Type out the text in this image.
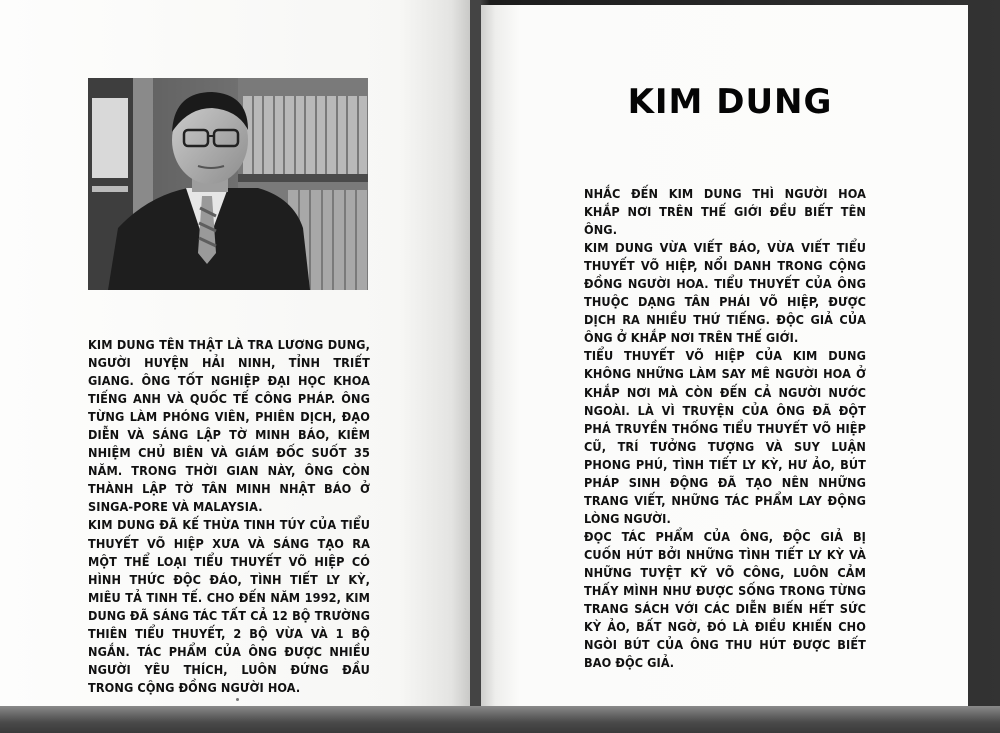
KIM DUNG TÊN THẬT LÀ TRA LƯƠNG DUNG, NGƯỜI HUYỆN HẢI NINH, TỈNH TRIẾT GIANG. ÔNG TỐT NGHIỆP ĐẠI HỌC KHOA TIẾNG ANH VÀ QUỐC TẾ CÔNG PHÁP. ÔNG TỪNG LÀM PHÓNG VIÊN, PHIÊN DỊCH, ĐẠO DIỄN VÀ SÁNG LẬP TỜ MINH BÁO, KIÊM NHIỆM CHỦ BIÊN VÀ GIÁM ĐỐC SUỐT 35 NĂM. TRONG THỜI GIAN NÀY, ÔNG CÒN THÀNH LẬP TỜ TÂN MINH NHẬT BÁO Ở SINGA-PORE VÀ MALAYSIA.

KIM DUNG ĐÃ KẾ THỪA TINH TÚY CỦA TIỂU THUYẾT VÕ HIỆP XƯA VÀ SÁNG TẠO RA MỘT THỂ LOẠI TIỂU THUYẾT VÕ HIỆP CÓ HÌNH THỨC ĐỘC ĐÁO, TÌNH TIẾT LY KỲ, MIÊU TẢ TINH TẾ. CHO ĐẾN NĂM 1992, KIM DUNG ĐÃ SÁNG TÁC TẤT CẢ 12 BỘ TRƯỜNG THIÊN TIỂU THUYẾT, 2 BỘ VỪA VÀ 1 BỘ NGẮN. TÁC PHẨM CỦA ÔNG ĐƯỢC NHIỀU NGƯỜI YÊU THÍCH, LUÔN ĐỨNG ĐẦU TRONG CỘNG ĐỒNG NGƯỜI HOA.

KIM DUNG

NHẮC ĐẾN KIM DUNG THÌ NGƯỜI HOA KHẮP NƠI TRÊN THẾ GIỚI ĐỀU BIẾT TÊN ÔNG.

KIM DUNG VỪA VIẾT BÁO, VỪA VIẾT TIỂU THUYẾT VÕ HIỆP, NỔI DANH TRONG CỘNG ĐỒNG NGƯỜI HOA. TIỂU THUYẾT CỦA ÔNG THUỘC DẠNG TÂN PHÁI VÕ HIỆP, ĐƯỢC DỊCH RA NHIỀU THỨ TIẾNG. ĐỘC GIẢ CỦA ÔNG Ở KHẮP NƠI TRÊN THẾ GIỚI.

TIỂU THUYẾT VÕ HIỆP CỦA KIM DUNG KHÔNG NHỮNG LÀM SAY MÊ NGƯỜI HOA Ở KHẮP NƠI MÀ CÒN ĐẾN CẢ NGƯỜI NƯỚC NGOÀI. LÀ VÌ TRUYỆN CỦA ÔNG ĐÃ ĐỘT PHÁ TRUYỀN THỐNG TIỂU THUYẾT VÕ HIỆP CŨ, TRÍ TƯỞNG TƯỢNG VÀ SUY LUẬN PHONG PHÚ, TÌNH TIẾT LY KỲ, HƯ ẢO, BÚT PHÁP SINH ĐỘNG ĐÃ TẠO NÊN NHỮNG TRANG VIẾT, NHỮNG TÁC PHẨM LAY ĐỘNG LÒNG NGƯỜI.

ĐỌC TÁC PHẨM CỦA ÔNG, ĐỘC GIẢ BỊ CUỐN HÚT BỞI NHỮNG TÌNH TIẾT LY KỲ VÀ NHỮNG TUYỆT KỸ VÕ CÔNG, LUÔN CẢM THẤY MÌNH NHƯ ĐƯỢC SỐNG TRONG TỪNG TRANG SÁCH VỚI CÁC DIỄN BIẾN HẾT SỨC KỲ ẢO, BẤT NGỜ, ĐÓ LÀ ĐIỀU KHIẾN CHO NGÒI BÚT CỦA ÔNG THU HÚT ĐƯỢC BIẾT BAO ĐỘC GIẢ.
